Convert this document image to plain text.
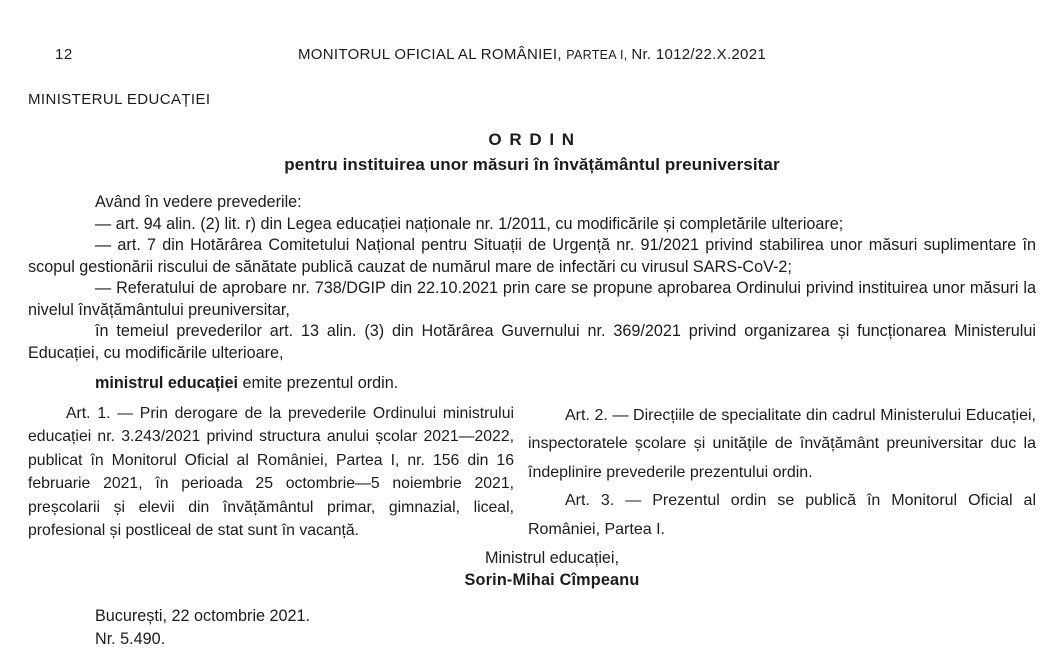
12	MONITORUL OFICIAL AL ROMÂNIEI, PARTEA I, Nr. 1012/22.X.2021
MINISTERUL EDUCAȚIEI
O R D I N
pentru instituirea unor măsuri în învățământul preuniversitar

Având în vedere prevederile:

— art. 94 alin. (2) lit. r) din Legea educației naționale nr. 1/2011, cu modificările și completările ulterioare;

— art. 7 din Hotărârea Comitetului Național pentru Situații de Urgență nr. 91/2021 privind stabilirea unor măsuri suplimentare în scopul gestionării riscului de sănătate publică cauzat de numărul mare de infectări cu virusul SARS-CoV-2;

— Referatului de aprobare nr. 738/DGIP din 22.10.2021 prin care se propune aprobarea Ordinului privind instituirea unor măsuri la nivelul învățământului preuniversitar,

în temeiul prevederilor art. 13 alin. (3) din Hotărârea Guvernului nr. 369/2021 privind organizarea și funcționarea Ministerului Educației, cu modificările ulterioare,

ministrul educației emite prezentul ordin.

Art. 1. — Prin derogare de la prevederile Ordinului ministrului educației nr. 3.243/2021 privind structura anului școlar 2021—2022, publicat în Monitorul Oficial al României, Partea I, nr. 156 din 16 februarie 2021, în perioada 25 octombrie—5 noiembrie 2021, preșcolarii și elevii din învățământul primar, gimnazial, liceal, profesional și postliceal de stat sunt în vacanță.

Art. 2. — Direcțiile de specialitate din cadrul Ministerului Educației, inspectoratele școlare și unitățile de învățământ preuniversitar duc la îndeplinire prevederile prezentului ordin.

Art. 3. — Prezentul ordin se publică în Monitorul Oficial al României, Partea I.

Ministrul educației,
Sorin-Mihai Cîmpeanu
București, 22 octombrie 2021.
Nr. 5.490.
